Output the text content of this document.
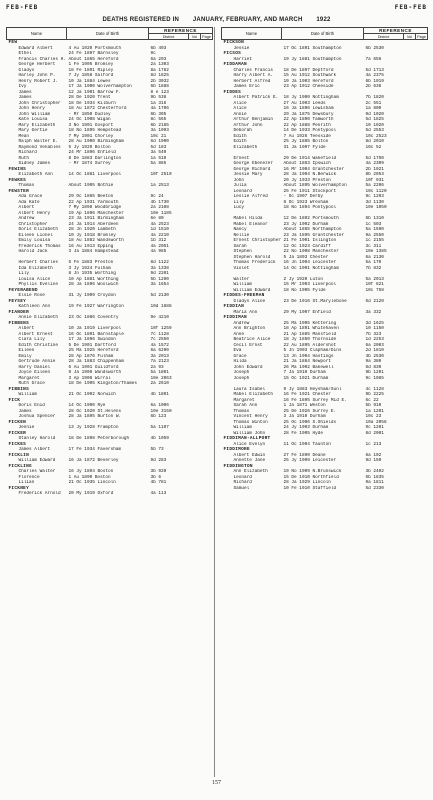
FEB-FEB	FEB-FEB
DEATHS REGISTERED IN JANUARY, FEBRUARY, AND MARCH 1922
Name	Date of Birth	REFERENCE		
		District	Vol	Page
FEW				
Edward Albert	4 Au 1920 Portsmouth	6b 493		
Ethel	24 Fe 1897 Barnsley	9c		
Francis Charles H.	About 1865 Hereford	6a 293		
George Herbert	1 Fe 1905 Bromley	2a 1303		
Gladys	18 Fe 1891 Ripley	8a 1782		
Harley John P.	7 Jy 1856 Salford	8d 1825		
Henry Robert J.	10 Ja 1884 Lewes	2b 3032		
Ivy	17 Ja 1900 Wolverhampton	6b 1888		
James	12 Ja 1901 Barrow F.	8 e 123		
James	28 De 1920 Trent	9b 538		
John Christopher	18 De 1934 Kilburn	1a 316		
John Henry	18 Au 1872 Chesterford	4a 1706		
John William	- Mr 1850 Dudley	6b 305		
Kate Louisa	24 Oc 1908 Wigan	8c 565		
Mary Elizabeth	3 No 1901 Gosport	6b 2185		
Mary Gertie	18 No 1895 Hempstead	3a 1093		
Mean	7 My 1901 Chorley	10c 21		
Ralph Walter E.	28 Au 1900 Birmingham	6d 1900		
Raymond Venables	5 Jy 1929 Bolton	5d 183		
Richard	24 Mr 1896 Enfield	3a 540		
Ruth	8 De 1883 Darlington	1a 510		
Sidney James	- Mr 1874 Surrey	5a 885		
FEWINS				
Elizabeth Ann	14 Oc 1881 Liverpool	10f 2510		
FEWKES				
Thomas	About 1905 Bothie	1a 2513		
FEWSTER				
Ada Grace	29 Oc 1865 Beeton	9c 24		
Ada Kate	22 Ap 1931 Yarmouth	4b 1730		
Albert	7 My 1898 Woodbridge	2a 2108		
Albert Henry	19 Ap 1896 Manchester	10e 1185		
Andrew	23 Ja 1911 Birmingham	6e 80		
Christopher	24 Ja 1914 Aberdeen	4a 2523		
Doris Elizabeth	28 Jn 1920 Lambeth	1d 1510		
Eileen Lionel	10 Jy 1918 Bromley	4a 2210		
Emily Louisa	18 Au 1882 Wandsworth	1b 312		
Frederick Thomas	16 Au 1913 Epping	4a 2051		
Harold Jack	3 Ja 1884 Hampstead	4a 985		

Herbert Charles	5 Fe 1883 Preston	8d 1122		
Ida Elizabeth	3 Jy 1924 Fulham	3a 1338		
Lily	8 Jn 1935 Worthing	9d 2201		
Louisa Alice	10 Ap 1881 Worthing	5b 1290		
Phyllis Eveline	28 Ja 1896 Woolwich	3a 1654		
FEYERABEND				
Elsie Rose	31 Jy 1909 Croydon	5d 2130		
FEYSEY				
Kathleen Ann	19 Fe 1927 Warrington	10d 1888		
FIANDER				
Annie Elizabeth	23 Oc 1886 Coventry	9e 4210		
FIBBENS				
Albert	10 Ja 1919 Liverpool	10f 1259		
Albert Ernest	16 Oc 1891 Barnstaple	7c 1128		
Clara Lily	17 Ja 1896 Swindon	7c 2550		
Edith Christine	5 De 1901 Dartford	4a 1572		
Eileen	25 Ma 1925 Hereford	6a 6290		
Emily	28 Ap 1876 Fulham	3a 2013		
Gertrude Annie	28 Ja 1883 Chippenham	7a 2123		
Harry Daniel	6 Au 1901 Guildford	2a 93		
Joyce Eileen	9 Ja 1909 Wandsworth	5a 1801		
Margaret	3 Ap 1908 Wirral	10e 2063		
Ruth Grace	18 De 1905 Kingston/Thames	2a 2610		
FIBBINS				
William	21 Oc 1902 Norwich	4b 1801		
FICK				
Doris Enid	14 Oc 1900 Rye	6a 1006		
James	28 Oc 1920 St.Helens	10e 3150		
Joshua Spencer	28 Ja 1895 Burton W.	6b 123		
FICKEN				
Jennie	13 Jy 1928 Frampton	5a 1107		
FICKER				
Stanley Harold	18 De 1898 Peterborough	4b 1059		
FICKES				
James Albert	17 Fe 1934 Faversham	5b 73		
FICKLIN				
William Edward	16 Ja 1872 Beverley	9d 283		
FICKLING				
Charles Walter	16 Jy 1894 Boston	3b 920		
Florence	1 Au 1890 Boston	3b 6		
Lilian	21 Oc 1935 Lincoln	4b 781		
FICKNEY				
Frederick Arnold	20 My 1919 Oxford	4a 113		
Name	Date of Birth	REFERENCE		
		District	Vol	Page
FICKSON				
Jessie	17 Oc 1891 Southampton	6b 2530		
FICSOS				
Harriet	19 Jy 1881 Southampton	7a 656		
FIDDAMAN				
Charles Francis	18 De 1897 Deptford	5d 1713		
Harry Albert A.	15 Au 1912 Southwark	4a 2375		
Herbert Alfred	10 Ja 1903 Hereford	6b 1019		
James Eric	23 Ap 1912 Cheeside	2b 638		
FIDDES				
Albert Patrick E.	18 Jy 1900 Nottingham	7b 1820		
Alice	27 Au 1903 Leeds	2c 551		
Alice	16 Ja 1896 Lewisham	1a 800		
Annie	29 Ja 1875 Dewsbury	9d 1020		
Arthur Benjamin	22 Ap 1890 Tamworth	5d 1825		
Arthur John	22 Ap 1888 Penrith	10 1020		
Deborah	14 De 1933 Pontypool	5d 2553		
Edith	7 Au 1926 Teesside	10c 2523		
Edith	25 Jy 1885 Bolton	8d 2010		
Elizabeth	31 Ja 1907 Fylde	10c 52		

Ernest	29 De 1914 Wakefield	5d 1750		
George Ebenezer	About 1863 Ipswich	4a 2309		
George Richard	16 Mr 1904 Grantchester	2b 1021		
Jessie Mary	28 Ja 1904 N.Berwick	8b 2053		
John	20 Jy 1933 Preston	10f 931		
Julia	About 1895 Wolverhampton	5a 2206		
Leonard	25 Fe 1911 Stockport	10c 1120		
Leslie Alfred	- Oc 1907 Derby	9c 1203		
Lily	8 Oc 1923 Wrexham	3d 1130		
Lucy	18 No 1894 Pontypool	10e 1050		

Mabel Hilda	12 De 1892 Portsmouth	6b 1310		
Mabel Eleanor	23 Jy 1902 Durham	1c 503		
Nancy	About 1865 Northampton	5a 1590		
Nellie	23 Ja 1895 Grantchester	9a 2550		
Ernest Christopher	21 Fe 1901 Islington	1c 2155		
Sarah	12 Oc 1923 Cardiff	3c 311		
Stephen	22 No 1908 Manchester	10e 1385		
Stephen Harold	5 Ja 1893 Chester	6a 2130		
Thomas Frederick	16 Jn 1904 Leicester	5a 170		
Violet	14 Oc 1901 Nottingham	7b 832		

Walter	2 Jy 1920 Luton	5a 2013		
William	15 Mr 1903 Liverpool	10f 821		
William Edward	18 No 1905 Fylde	10c 758		
FIDDES-FREEMAN				
Gladys Aline	23 De 1916 St.Marylebone	5d 2120		
FIDDIAN				
Maria Ann	29 My 1907 Enfield	3a 332		
FIDDIMAN				
Andrew	25 Ma 1905 Kettering	3d 1625		
Ann Brighton	18 Ap 1891 Whitehaven	10 1150		
Anne	21 Ap 1885 Mansfield	7b 323		
Beatrice Alice	18 Jy 1850 Thornside	1d 2253		
Cecil Ernst	22 Au 1895 Aldershot	6a 2003		
Eva	5 Jn 1903 Clapham/Dins	2d 1810		
Grace	13 Jn 1904 Hastings	4b 2530		
Hilda	21 Ja 1884 Newport	9a 380		
John Edward	26 Ma 1902 Bakewell	6d 830		
Joseph	7 Ja 1910 Durham	9b 1201		
Joseph	15 Oc 1921 Durham	9c 1085		

Laura Isabel	9 Jy 1883 Heysham/Sunl	4c 1128		
Mabel Elizabeth	16 Fe 1921 Chester	9b 2225		
Margaret	16 Fe 1895 Surrey Mid E.	6c 22		
Sarah Ann	1 Ja 1871 Weston	5b 910		
Thomas	25 De 1926 Surrey E.	1a 1201		
Vincent Henry	3 Ja 1910 Durham	10c 23		
Thomas Winton	25 Oc 1906 S.Shields	10a 2056		
William	24 Jy 1903 Durham	9c 1201		
William John	28 Fe 1905 Hyde	8d 2001		
FIDDIMAN-ALLPORT				
Alice Evelyn	11 Oc 1904 Taunton	1c 213		
FIDDIMORE				
Albert Edwin	27 Fe 1890 Deane	6a 102		
Annette Jane	25 Jy 1909 Leicester	9d 150		
FIDDINGTON				
Ann Elizabeth	10 No 1909 N.Brunswick	3b 2402		
Leonard	15 De 1910 Northfield	5b 1835		
Richard	28 Ja 1929 Lincoln	9a 1811		
Samuel	10 Fe 1910 Staffield	5d 2330		
157
